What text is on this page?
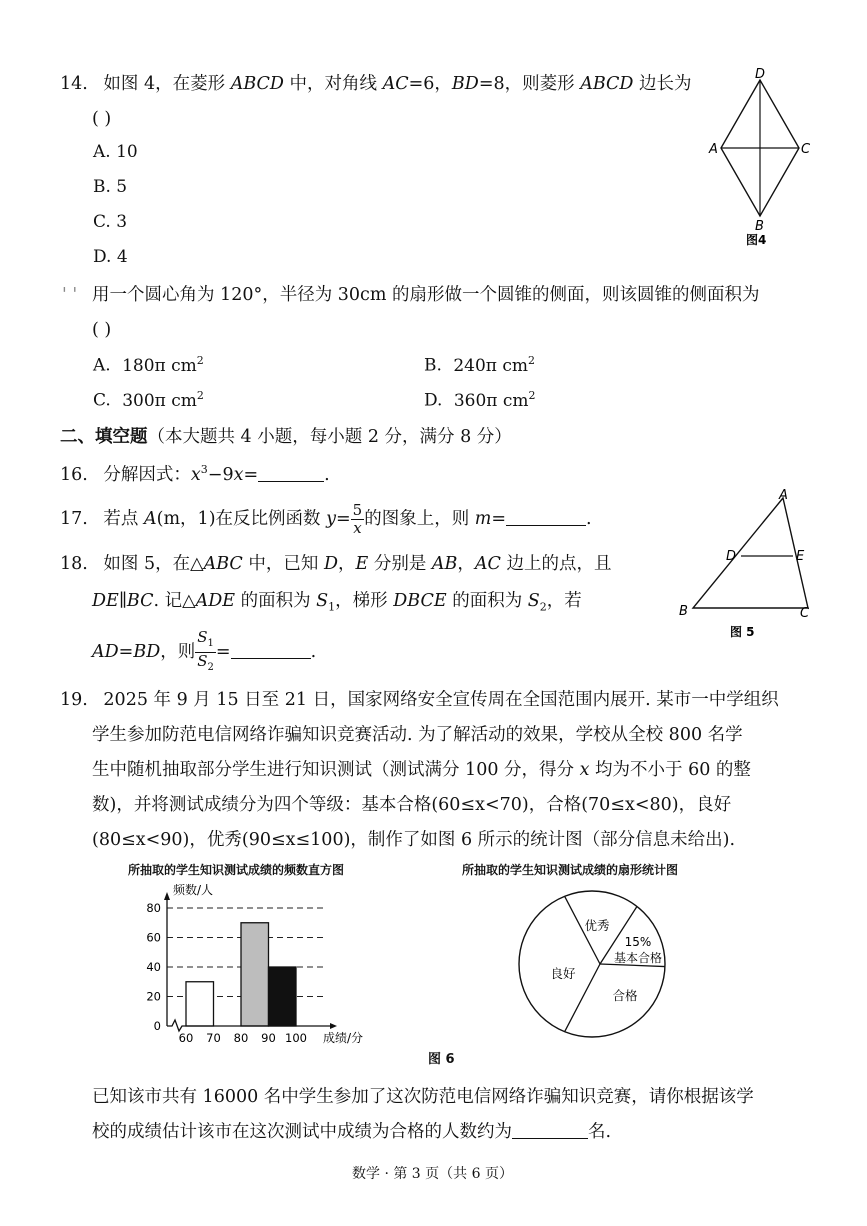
14. 如图 4，在菱形 ABCD 中，对角线 AC=6，BD=8，则菱形 ABCD 边长为
( )
A. 10
B. 5
C. 3
D. 4
D
A	C
B
图4
' ' 用一个圆心角为 120°，半径为 30cm 的扇形做一个圆锥的侧面，则该圆锥的侧面积为
( )
A. 180π $cm^2$	B. 240π $cm^2$
C. 300π $cm^2$	D. 360π $cm^2$
二、填空题（本大题共 4 小题，每小题 2 分，满分 8 分）
16. 分解因式：$x^3-9x=$	.
17. 若点 A(m，1)在反比例函数 $y= \frac{5}{x}$ 的图象上，则 m=	.
18. 如图 5，在△ABC 中，已知 D，E 分别是 AB，AC 边上的点，且
DE∥BC. 记△ADE 的面积为 $S_1$，梯形 DBCE 的面积为 $S_2$，若
AD=BD，则 $\frac{S_1}{S_2}$ =	.
A
D	E
B	C
图 5
19. 2025 年 9 月 15 日至 21 日，国家网络安全宣传周在全国范围内展开. 某市一中学组织
学生参加防范电信网络诈骗知识竞赛活动. 为了解活动的效果，学校从全校 800 名学
生中随机抽取部分学生进行知识测试（测试满分 100 分，得分 x 均为不小于 60 的整
数)，并将测试成绩分为四个等级：基本合格(60≤x<70)，合格(70≤x<80)，良好
(80≤x<90)，优秀(90≤x≤100)，制作了如图 6 所示的统计图（部分信息未给出).
所抽取的学生知识测试成绩的频数直方图
0
20
40
60
80
60 70 80 90 100
频数/人
成绩/分
所抽取的学生知识测试成绩的扇形统计图
优秀
15%
基本合格
合格
良好
图 6
已知该市共有 16000 名中学生参加了这次防范电信网络诈骗知识竞赛，请你根据该学
校的成绩估计该市在这次测试中成绩为合格的人数约为	名.
数学 · 第 3 页（共 6 页）
